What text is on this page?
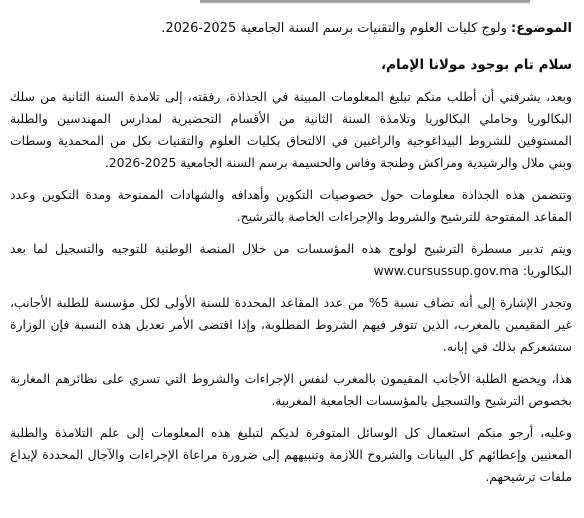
الموضوع: ولوج كليات العلوم والتقنيات برسم السنة الجامعية 2025-2026.

سلام تام بوجود مولانا الإمام،

وبعد، يشرفني أن أطلب منكم تبليغ المعلومات المبينة في الجذاذة، رفقته، إلى تلامذة السنة الثانية من سلك البكالوريا وحاملي البكالوريا وتلامذة السنة الثانية من الأقسام التحضيرية لمدارس المهندسين والطلبة المستوفين للشروط البيداغوجية والراغبين في الالتحاق بكليات العلوم والتقنيات بكل من المحمدية وسطات وبني ملال والرشيدية ومراكش وطنجة وفاس والحسيمة برسم السنة الجامعية 2025-2026.

وتتضمن هذه الجذاذة معلومات حول خصوصيات التكوين وأهدافه والشهادات الممنوحة ومدة التكوين وعدد المقاعد المفتوحة للترشيح والشروط والإجراءات الخاصة بالترشيح.

ويتم تدبير مسطرة الترشيح لولوج هذه المؤسسات من خلال المنصة الوطنية للتوجيه والتسجيل لما بعد البكالوريا: www.cursussup.gov.ma

وتجدر الإشارة إلى أنه تضاف نسبة 5% من عدد المقاعد المحددة للسنة الأولى لكل مؤسسة للطلبة الأجانب، غير المقيمين بالمغرب، الذين تتوفر فيهم الشروط المطلوبة، وإذا اقتضى الأمر تعديل هذه النسبة فإن الوزارة ستشعركم بذلك في إبانه.

هذا، ويخضع الطلبة الأجانب المقيمون بالمغرب لنفس الإجراءات والشروط التي تسري على نظائرهم المغاربة بخصوص الترشيح والتسجيل بالمؤسسات الجامعية المغربية.

وعليه، أرجو منكم استعمال كل الوسائل المتوفرة لديكم لتبليغ هذه المعلومات إلى علم التلامذة والطلبة المعنيين وإعطائهم كل البيانات والشروح اللازمة وتنبيههم إلى ضرورة مراعاة الإجراءات والآجال المحددة لإيداع ملفات ترشيحهم.
